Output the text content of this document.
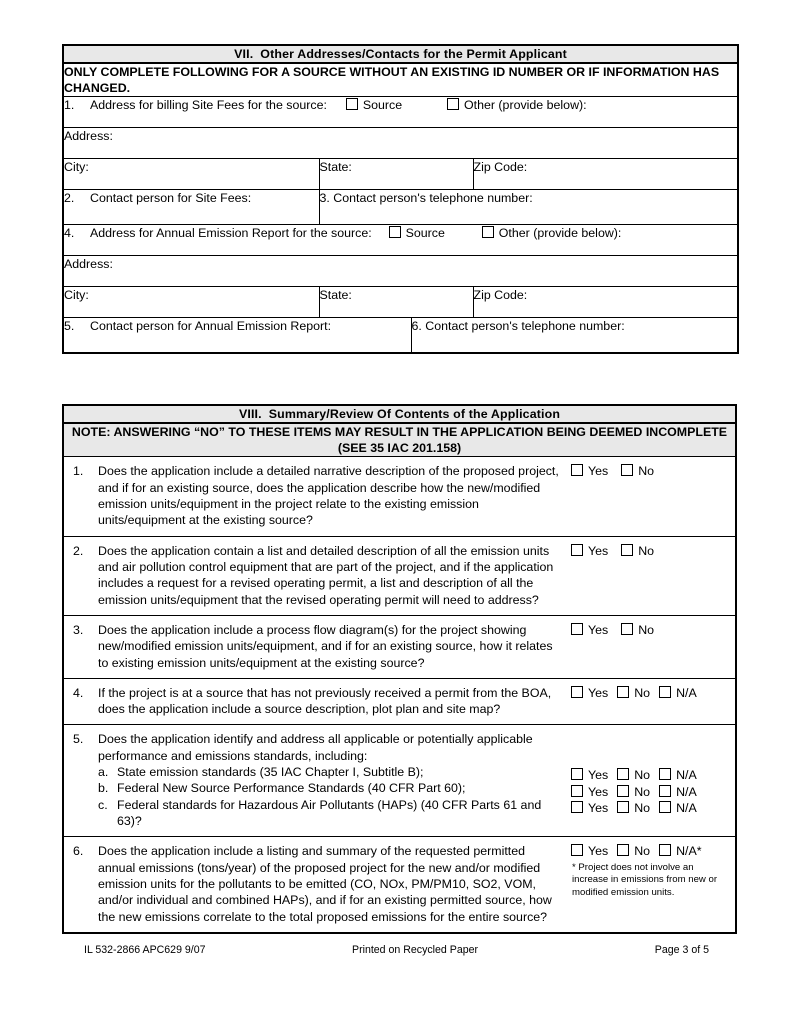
VII. Other Addresses/Contacts for the Permit Applicant			
ONLY COMPLETE FOLLOWING FOR A SOURCE WITHOUT AN EXISTING ID NUMBER OR IF INFORMATION HAS CHANGED.			

1. Address for billing Site Fees for the source: Source Other (provide below):			

Address:			
City:	State:		Zip Code:

2. Contact person for Site Fees:	3. Contact person's telephone number:		

4. Address for Annual Emission Report for the source: Source Other (provide below):			

Address:			
City:	State:		Zip Code:

5. Contact person for Annual Emission Report:		6. Contact person's telephone number:	
VIII. Summary/Review Of Contents of the Application

NOTE: ANSWERING “NO” TO THESE ITEMS MAY RESULT IN THE APPLICATION BEING DEEMED INCOMPLETE
(SEE 35 IAC 201.158)

1.	Does the application include a detailed narrative description of the proposed project, and if for an existing source, does the application describe how the new/modified emission units/equipment in the project relate to the existing emission units/equipment at the existing source?
Yes No

2.	Does the application contain a list and detailed description of all the emission units and air pollution control equipment that are part of the project, and if the application includes a request for a revised operating permit, a list and description of all the emission units/equipment that the revised operating permit will need to address?
Yes No

3.	Does the application include a process flow diagram(s) for the project showing new/modified emission units/equipment, and if for an existing source, how it relates to existing emission units/equipment at the existing source?
Yes No

4.	If the project is at a source that has not previously received a permit from the BOA, does the application include a source description, plot plan and site map?
Yes No N/A

5.	Does the application identify and address all applicable or potentially applicable performance and emissions standards, including:
a. State emission standards (35 IAC Chapter I, Subtitle B);
b. Federal New Source Performance Standards (40 CFR Part 60);
c. Federal standards for Hazardous Air Pollutants (HAPs) (40 CFR Parts 61 and 63)?
Yes No N/A
Yes No N/A
Yes No N/A

6.	Does the application include a listing and summary of the requested permitted annual emissions (tons/year) of the proposed project for the new and/or modified emission units for the pollutants to be emitted (CO, NOx, PM/PM10, SO2, VOM, and/or individual and combined HAPs), and if for an existing permitted source, how the new emissions correlate to the total proposed emissions for the entire source?
Yes No N/A*
* Project does not involve an increase in emissions from new or modified emission units.
IL 532-2866 APC629 9/07	Printed on Recycled Paper	Page 3 of 5
